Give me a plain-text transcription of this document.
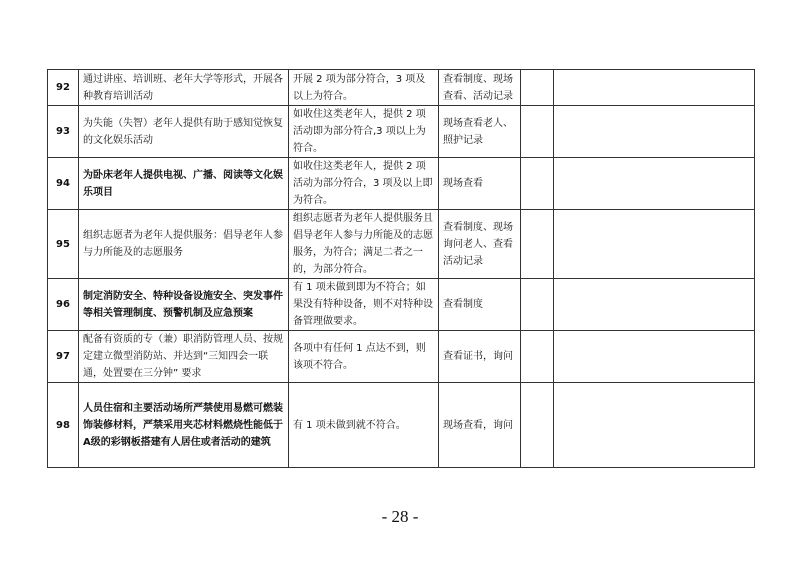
92	通过讲座、培训班、老年大学等形式，开展各种教育培训活动	开展 2 项为部分符合，3 项及以上为符合。	查看制度、现场查看、活动记录		
93	为失能（失智）老年人提供有助于感知觉恢复的文化娱乐活动	如收住这类老年人，提供 2 项活动即为部分符合,3 项以上为符合。	现场查看老人、照护记录		
94	为卧床老年人提供电视、广播、阅读等文化娱乐项目	如收住这类老年人，提供 2 项活动为部分符合，3 项及以上即为符合。	现场查看		
95	组织志愿者为老年人提供服务：倡导老年人参与力所能及的志愿服务	组织志愿者为老年人提供服务且倡导老年人参与力所能及的志愿服务，为符合；满足二者之一的，为部分符合。	查看制度、现场询问老人、查看活动记录		
96	制定消防安全、特种设备设施安全、突发事件等相关管理制度、预警机制及应急预案	有 1 项未做到即为不符合；如果没有特种设备，则不对特种设备管理做要求。	查看制度		
97	配备有资质的专（兼）职消防管理人员、按规定建立微型消防站、并达到“三知四会一联通，处置要在三分钟” 要求	各项中有任何 1 点达不到，则该项不符合。	查看证书，询问		
98	人员住宿和主要活动场所严禁使用易燃可燃装饰装修材料，严禁采用夹芯材料燃烧性能低于A级的彩钢板搭建有人居住或者活动的建筑	有 1 项未做到就不符合。	现场查看，询问		
- 28 -
